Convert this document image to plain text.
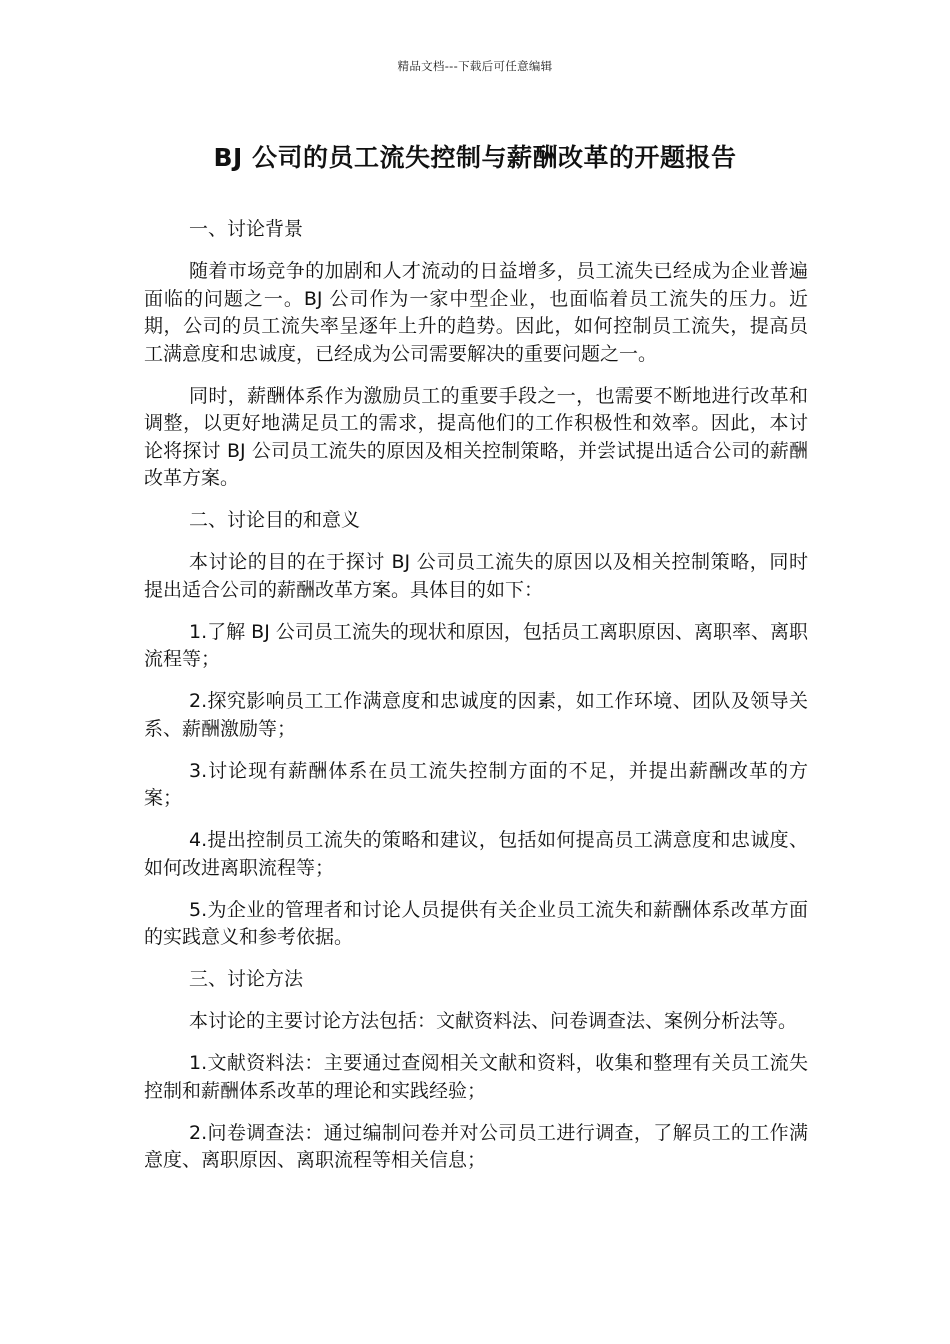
精品文档---下载后可任意编辑
BJ 公司的员工流失控制与薪酬改革的开题报告

一、讨论背景

随着市场竞争的加剧和人才流动的日益增多，员工流失已经成为企业普遍面临的问题之一。BJ 公司作为一家中型企业，也面临着员工流失的压力。近期，公司的员工流失率呈逐年上升的趋势。因此，如何控制员工流失，提高员工满意度和忠诚度，已经成为公司需要解决的重要问题之一。

同时，薪酬体系作为激励员工的重要手段之一，也需要不断地进行改革和调整，以更好地满足员工的需求，提高他们的工作积极性和效率。因此，本讨论将探讨 BJ 公司员工流失的原因及相关控制策略，并尝试提出适合公司的薪酬改革方案。

二、讨论目的和意义

本讨论的目的在于探讨 BJ 公司员工流失的原因以及相关控制策略，同时提出适合公司的薪酬改革方案。具体目的如下：

1.了解 BJ 公司员工流失的现状和原因，包括员工离职原因、离职率、离职流程等；

2.探究影响员工工作满意度和忠诚度的因素，如工作环境、团队及领导关系、薪酬激励等；

3.讨论现有薪酬体系在员工流失控制方面的不足，并提出薪酬改革的方案；

4.提出控制员工流失的策略和建议，包括如何提高员工满意度和忠诚度、如何改进离职流程等；

5.为企业的管理者和讨论人员提供有关企业员工流失和薪酬体系改革方面的实践意义和参考依据。

三、讨论方法

本讨论的主要讨论方法包括：文献资料法、问卷调查法、案例分析法等。

1.文献资料法：主要通过查阅相关文献和资料，收集和整理有关员工流失控制和薪酬体系改革的理论和实践经验；

2.问卷调查法：通过编制问卷并对公司员工进行调查，了解员工的工作满意度、离职原因、离职流程等相关信息；
